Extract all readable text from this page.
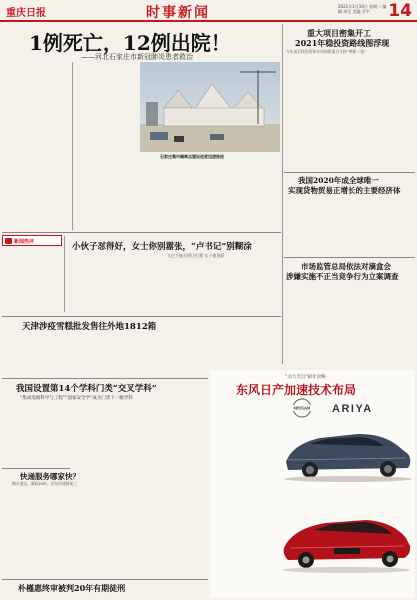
重庆日报	时事新闻	2021年1月19日 星期二 编辑 周尤 美编 乔宇	14
1例死亡，12例出院！
——河北石家庄市新冠肺炎患者救治
石家庄集中隔离点建设进度迅速推进
重大项目密集开工
2021年稳投资路线图浮现
今年前后续投资和专项债将重点支持“两新一重”
我国2020年成全球唯一
实现货物贸易正增长的主要经济体
市场监管总局依法对滴盒会
涉嫌实施不正当竞争行为立案调查
新闻热评	小伙子怼得好，女士你别嚣张，“卢书记”别糊涂
大巴不能合理让位置 女子被免职
天津涉疫雪糕批发售往外地1812箱
我国设置第14个学科门类“交叉学科”
“集成电路科学与工程”“国家安全学”成为门类下一级学科
快递服务哪家快？
顺丰速运、邮政EMS、京东快递排前三
朴槿惠终审被判20年有期徒刑
“动力光启”耐化攻略
东风日产加速技术布局
NISSAN ARIYA
